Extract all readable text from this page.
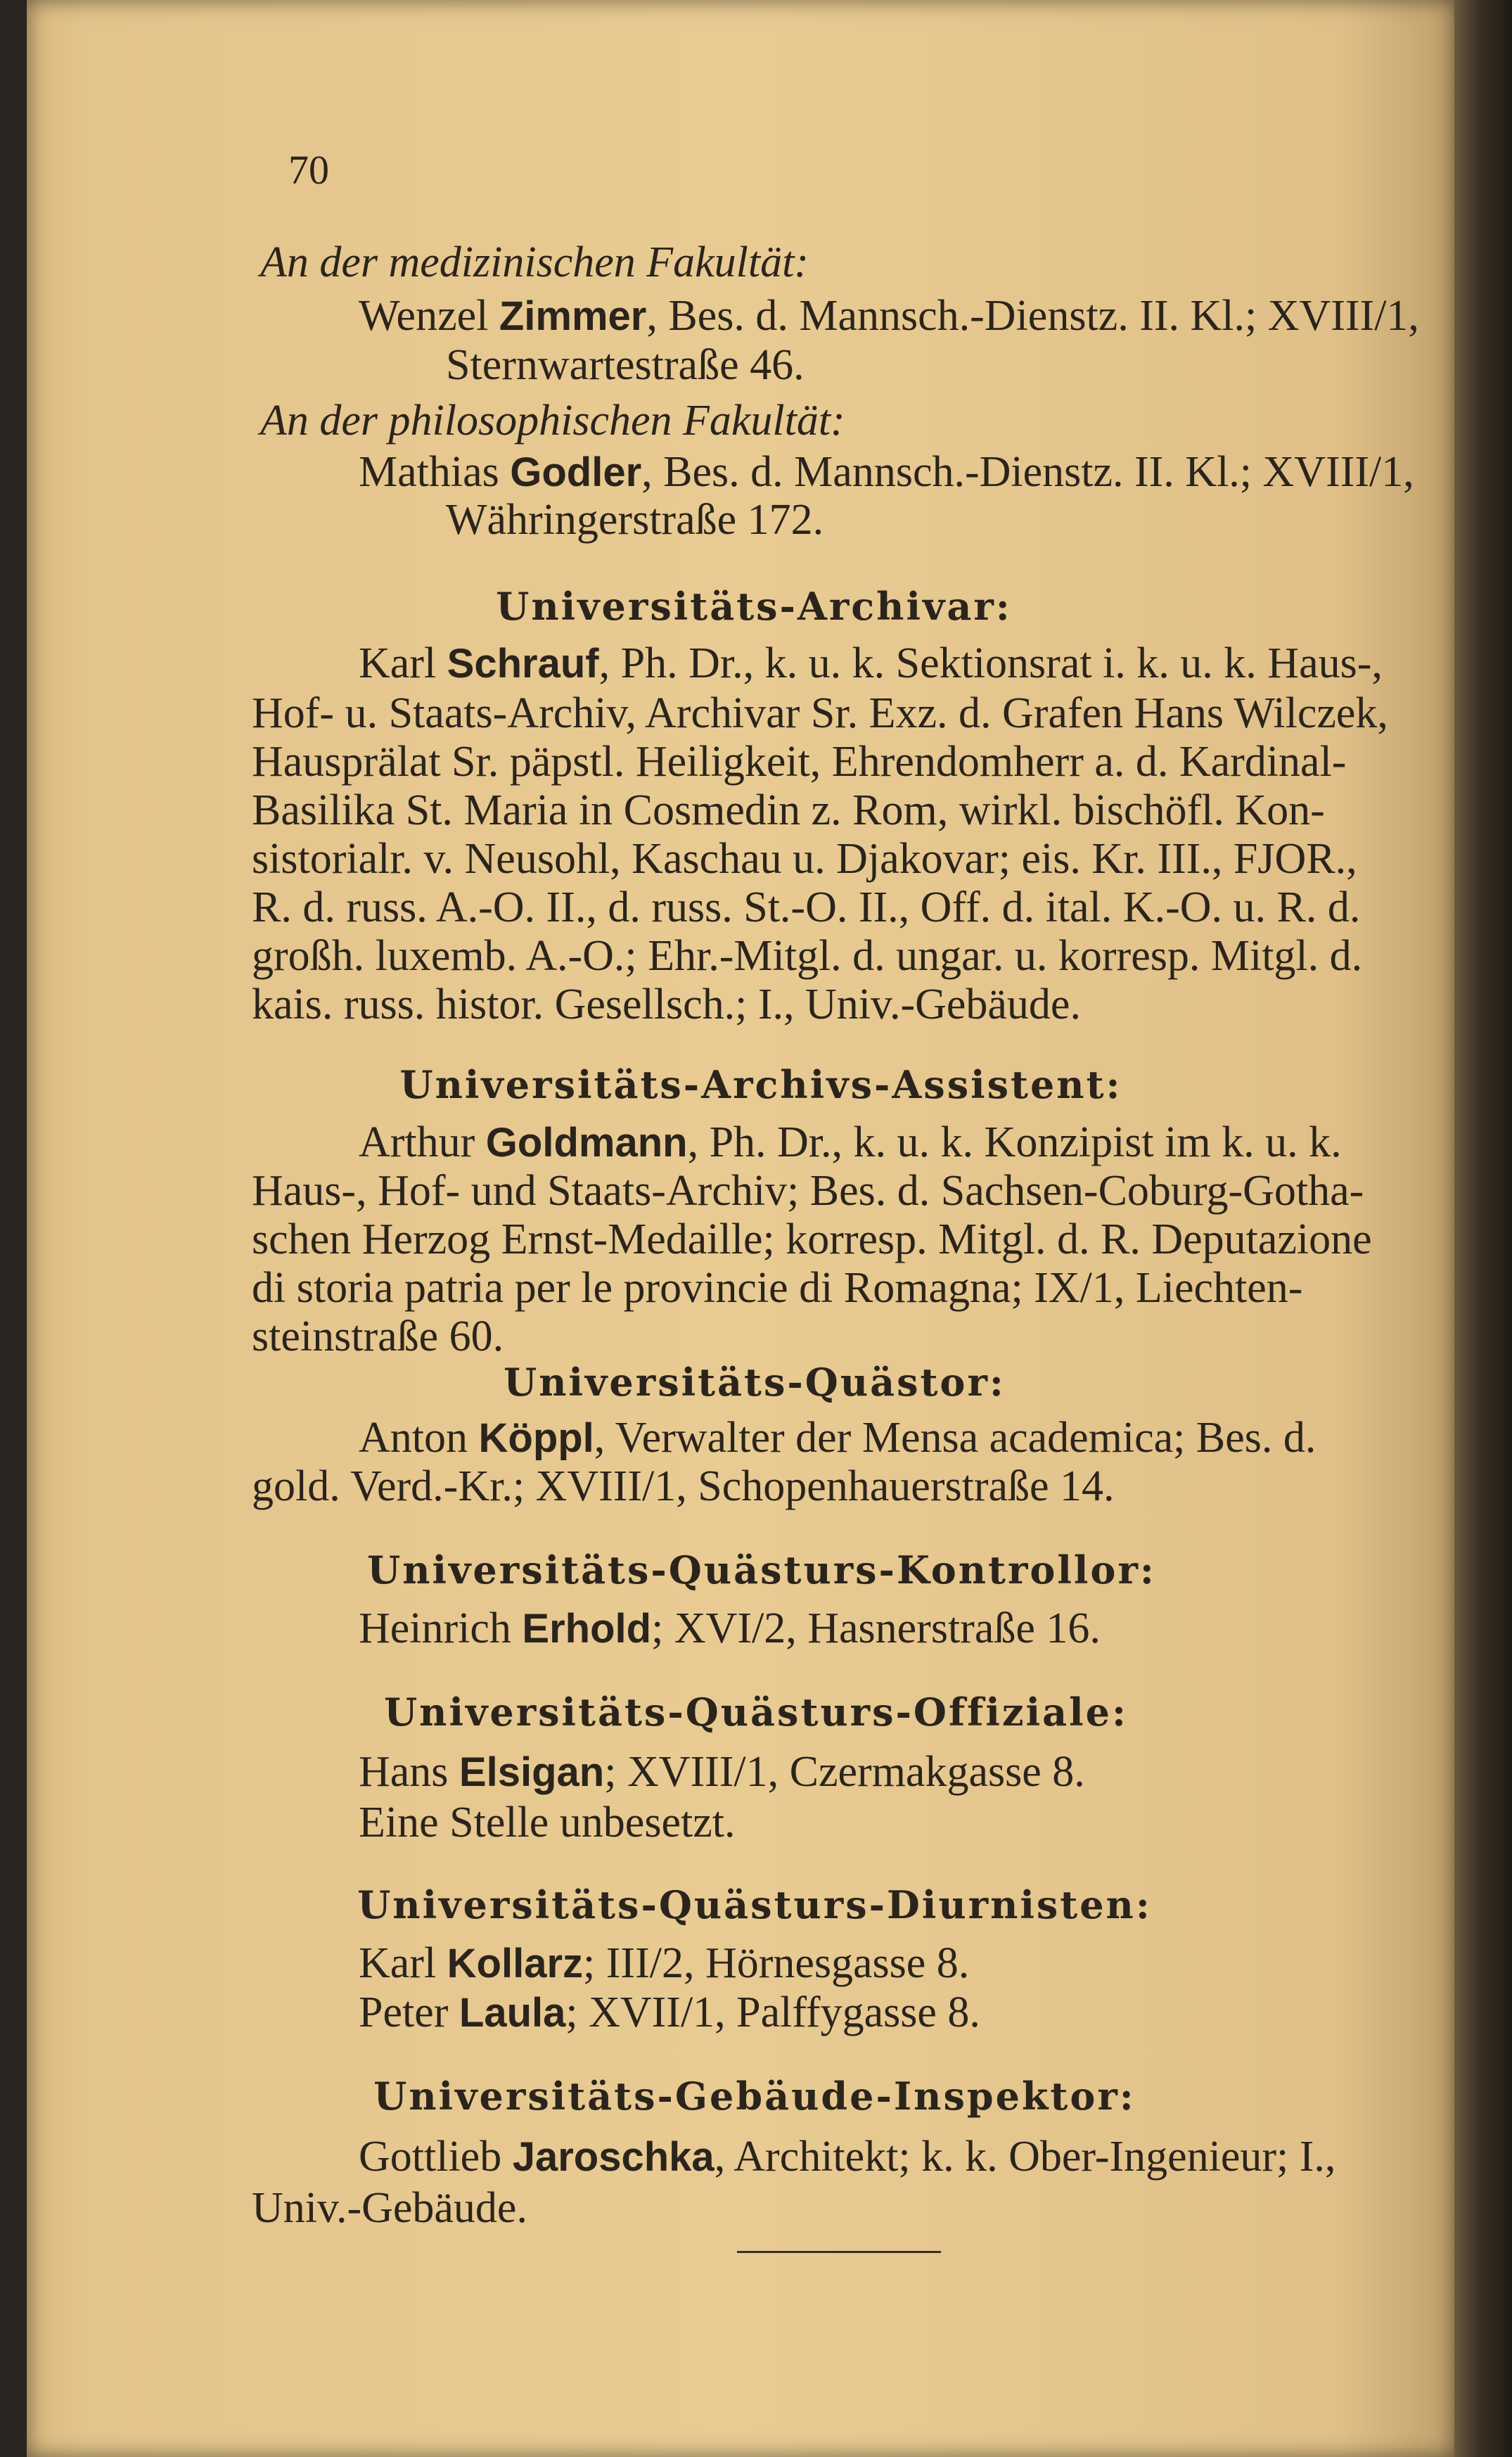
70
An der medizinischen Fakultät:
Wenzel Zimmer, Bes. d. Mannsch.-Dienstz. II. Kl.; XVIII/1,
Sternwartestraße 46.
An der philosophischen Fakultät:
Mathias Godler, Bes. d. Mannsch.-Dienstz. II. Kl.; XVIII/1,
Währingerstraße 172.
Universitäts-Archivar:
Karl Schrauf, Ph. Dr., k. u. k. Sektionsrat i. k. u. k. Haus-,
Hof- u. Staats-Archiv, Archivar Sr. Exz. d. Grafen Hans Wilczek,
Hausprälat Sr. päpstl. Heiligkeit, Ehrendomherr a. d. Kardinal-
Basilika St. Maria in Cosmedin z. Rom, wirkl. bischöfl. Kon-
sistorialr. v. Neusohl, Kaschau u. Djakovar; eis. Kr. III., FJOR.,
R. d. russ. A.-O. II., d. russ. St.-O. II., Off. d. ital. K.-O. u. R. d.
großh. luxemb. A.-O.; Ehr.-Mitgl. d. ungar. u. korresp. Mitgl. d.
kais. russ. histor. Gesellsch.; I., Univ.-Gebäude.
Universitäts-Archivs-Assistent:
Arthur Goldmann, Ph. Dr., k. u. k. Konzipist im k. u. k.
Haus-, Hof- und Staats-Archiv; Bes. d. Sachsen-Coburg-Gotha-
schen Herzog Ernst-Medaille; korresp. Mitgl. d. R. Deputazione
di storia patria per le provincie di Romagna; IX/1, Liechten-
steinstraße 60.
Universitäts-Quästor:
Anton Köppl, Verwalter der Mensa academica; Bes. d.
gold. Verd.-Kr.; XVIII/1, Schopenhauerstraße 14.
Universitäts-Quästurs-Kontrollor:
Heinrich Erhold; XVI/2, Hasnerstraße 16.
Universitäts-Quästurs-Offiziale:
Hans Elsigan; XVIII/1, Czermakgasse 8.
Eine Stelle unbesetzt.
Universitäts-Quästurs-Diurnisten:
Karl Kollarz; III/2, Hörnesgasse 8.
Peter Laula; XVII/1, Palffygasse 8.
Universitäts-Gebäude-Inspektor:
Gottlieb Jaroschka, Architekt; k. k. Ober-Ingenieur; I.,
Univ.-Gebäude.
